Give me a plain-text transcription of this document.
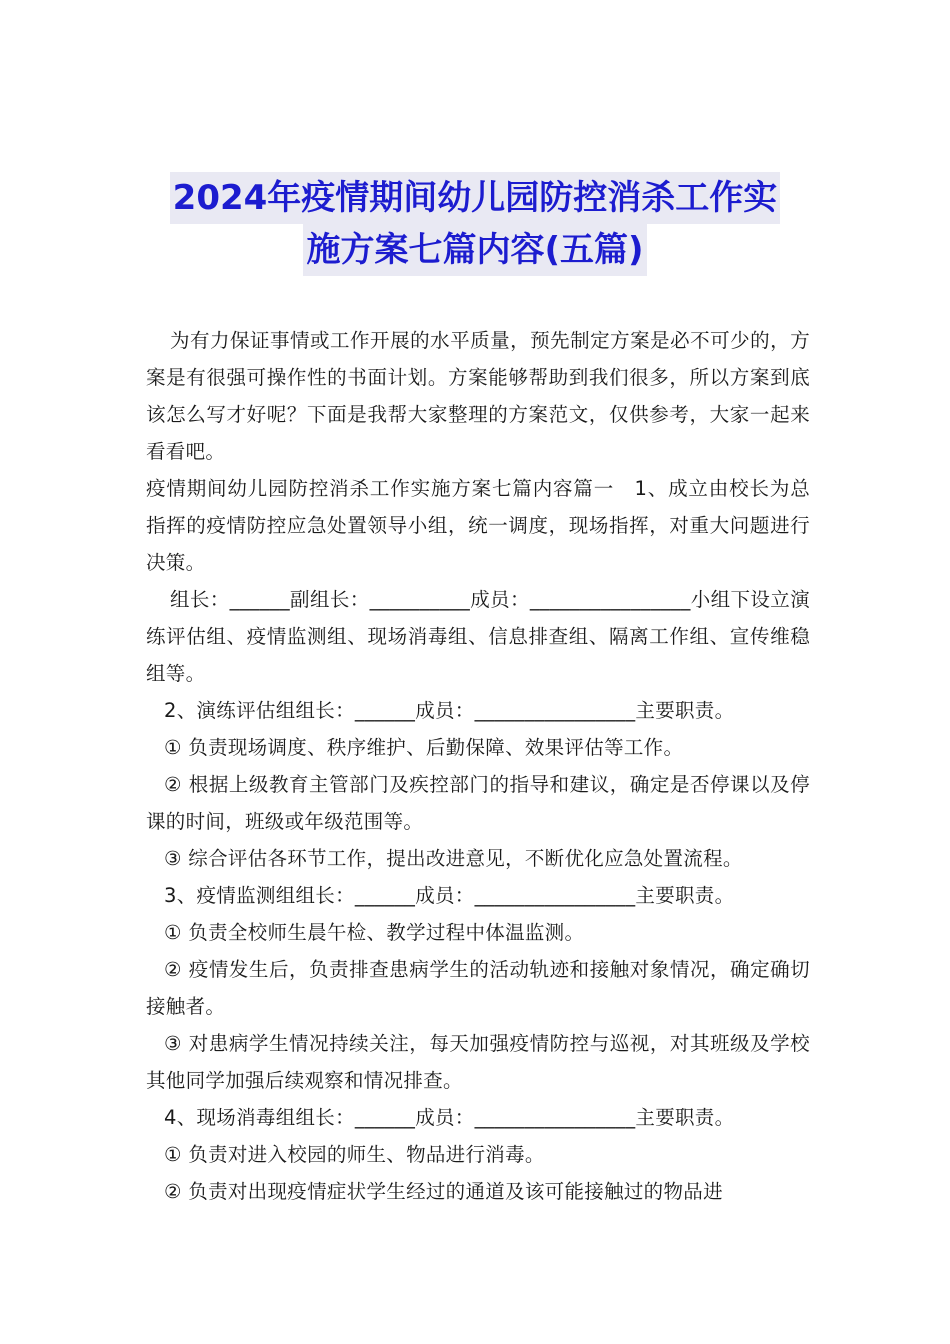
2024年疫情期间幼儿园防控消杀工作实
施方案七篇内容(五篇)

为有力保证事情或工作开展的水平质量，预先制定方案是必不可少的，方案是有很强可操作性的书面计划。方案能够帮助到我们很多，所以方案到底该怎么写才好呢？下面是我帮大家整理的方案范文，仅供参考，大家一起来看看吧。

疫情期间幼儿园防控消杀工作实施方案七篇内容篇一　1、成立由校长为总指挥的疫情防控应急处置领导小组，统一调度，现场指挥，对重大问题进行决策。

组长：______副组长：__________成员：________________小组下设立演练评估组、疫情监测组、现场消毒组、信息排查组、隔离工作组、宣传维稳组等。

2、演练评估组组长：______成员：________________主要职责。

① 负责现场调度、秩序维护、后勤保障、效果评估等工作。

② 根据上级教育主管部门及疾控部门的指导和建议，确定是否停课以及停课的时间，班级或年级范围等。

③ 综合评估各环节工作，提出改进意见，不断优化应急处置流程。

3、疫情监测组组长：______成员：________________主要职责。

① 负责全校师生晨午检、教学过程中体温监测。

② 疫情发生后，负责排查患病学生的活动轨迹和接触对象情况，确定确切接触者。

③ 对患病学生情况持续关注，每天加强疫情防控与巡视，对其班级及学校其他同学加强后续观察和情况排查。

4、现场消毒组组长：______成员：________________主要职责。

① 负责对进入校园的师生、物品进行消毒。

② 负责对出现疫情症状学生经过的通道及该可能接触过的物品进
